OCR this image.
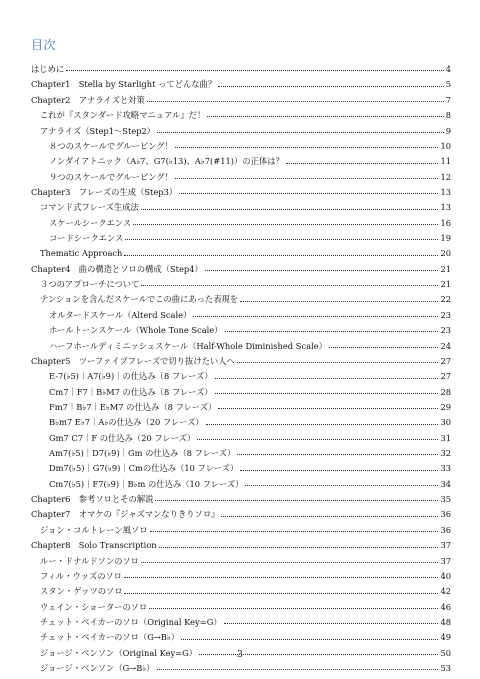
目次
はじめに	4
Chapter1　Stella by Starlight ってどんな曲？	5
Chapter2　アナライズと対策	7
これが『スタンダード攻略マニュアル』だ！	8
アナライズ（Step1～Step2）	9
８つのスケールでグルーピング！	10
ノンダイアトニック（A♭7、G7(♭13)、A♭7(#11)）の正体は？	11
９つのスケールでグルーピング！	12
Chapter3　フレーズの生成（Step3）	13
コマンド式フレーズ生成法	13
スケールシークエンス	16
コードシークエンス	19
Thematic Approach	20
Chapter4　曲の構造とソロの構成（Step4）	21
３つのアプローチについて	21
テンションを含んだスケールでこの曲にあった表現を	22
オルタードスケール（Alterd Scale）	23
ホールトーンスケール（Whole Tone Scale）	23
ハーフホールディミニッシュスケール（Half-Whole Diminished Scale）	24
Chapter5　ツーファイブフレーズで切り抜けたい人へ	27
E-7(♭5)｜A7(♭9)｜の仕込み（8 フレーズ）	27
Cm7｜F7｜B♭M7 の仕込み（8 フレーズ）	28
Fm7｜B♭7｜E♭M7 の仕込み（8 フレーズ）	29
B♭m7 E♭7｜A♭の仕込み（20 フレーズ）	30
Gm7 C7｜F の仕込み（20 フレーズ）	31
Am7(♭5)｜D7(♭9)｜Gm の仕込み（8 フレーズ）	32
Dm7(♭5)｜G7(♭9)｜Cmの仕込み（10 フレーズ）	33
Cm7(♭5)｜F7(♭9)｜B♭m の仕込み（10 フレーズ）	34
Chapter6　参考ソロとその解説	35
Chapter7　オマケの『ジャズマンなりきりソロ』	36
ジョン・コルトレーン風ソロ	36
Chapter8　Solo Transcription	37
ルー・ドナルドソンのソロ	37
フィル・ウッズのソロ	40
スタン・ゲッツのソロ	42
ウェイン・ショーターのソロ	46
チェット・ベイカーのソロ（Original Key=G）	48
チェット・ベイカーのソロ（G→B♭）	49
ジョージ・ベンソン（Original Key=G）	50
ジョージ・ベンソン（G→B♭）	53
3
